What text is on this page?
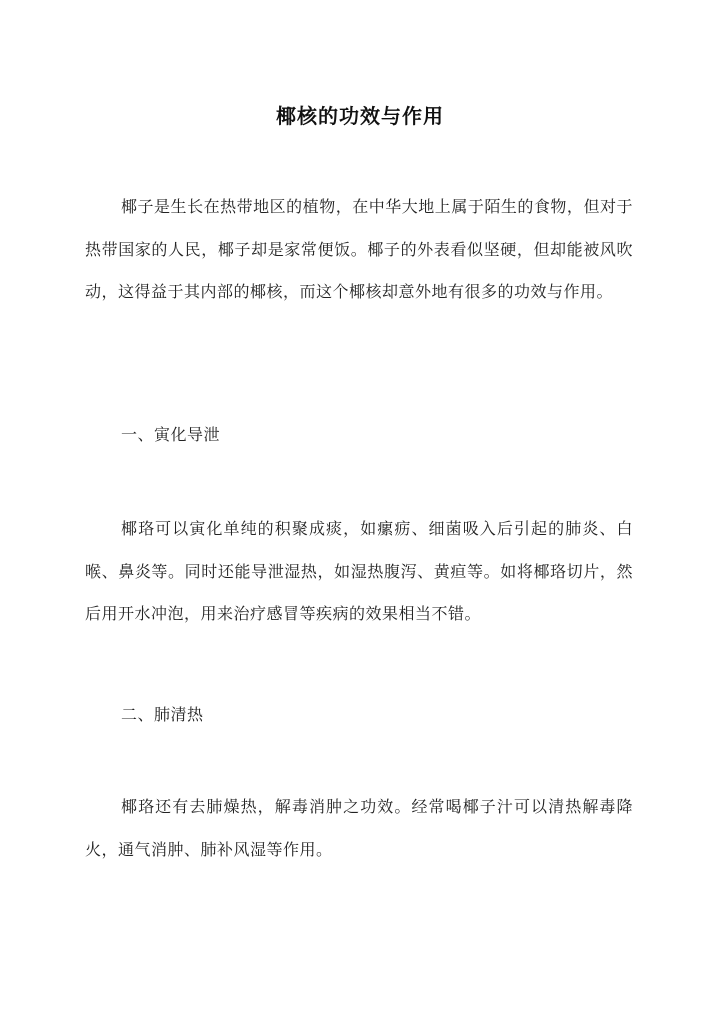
椰核的功效与作用

椰子是生长在热带地区的植物，在中华大地上属于陌生的食物，但对于热带国家的人民，椰子却是家常便饭。椰子的外表看似坚硬，但却能被风吹动，这得益于其内部的椰核，而这个椰核却意外地有很多的功效与作用。

一、寅化导泄

椰珞可以寅化单纯的积聚成痰，如瘰疬、细菌吸入后引起的肺炎、白喉、鼻炎等。同时还能导泄湿热，如湿热腹泻、黄疸等。如将椰珞切片，然后用开水冲泡，用来治疗感冒等疾病的效果相当不错。

二、肺清热

椰珞还有去肺燥热，解毒消肿之功效。经常喝椰子汁可以清热解毒降火，通气消肿、肺补风湿等作用。
